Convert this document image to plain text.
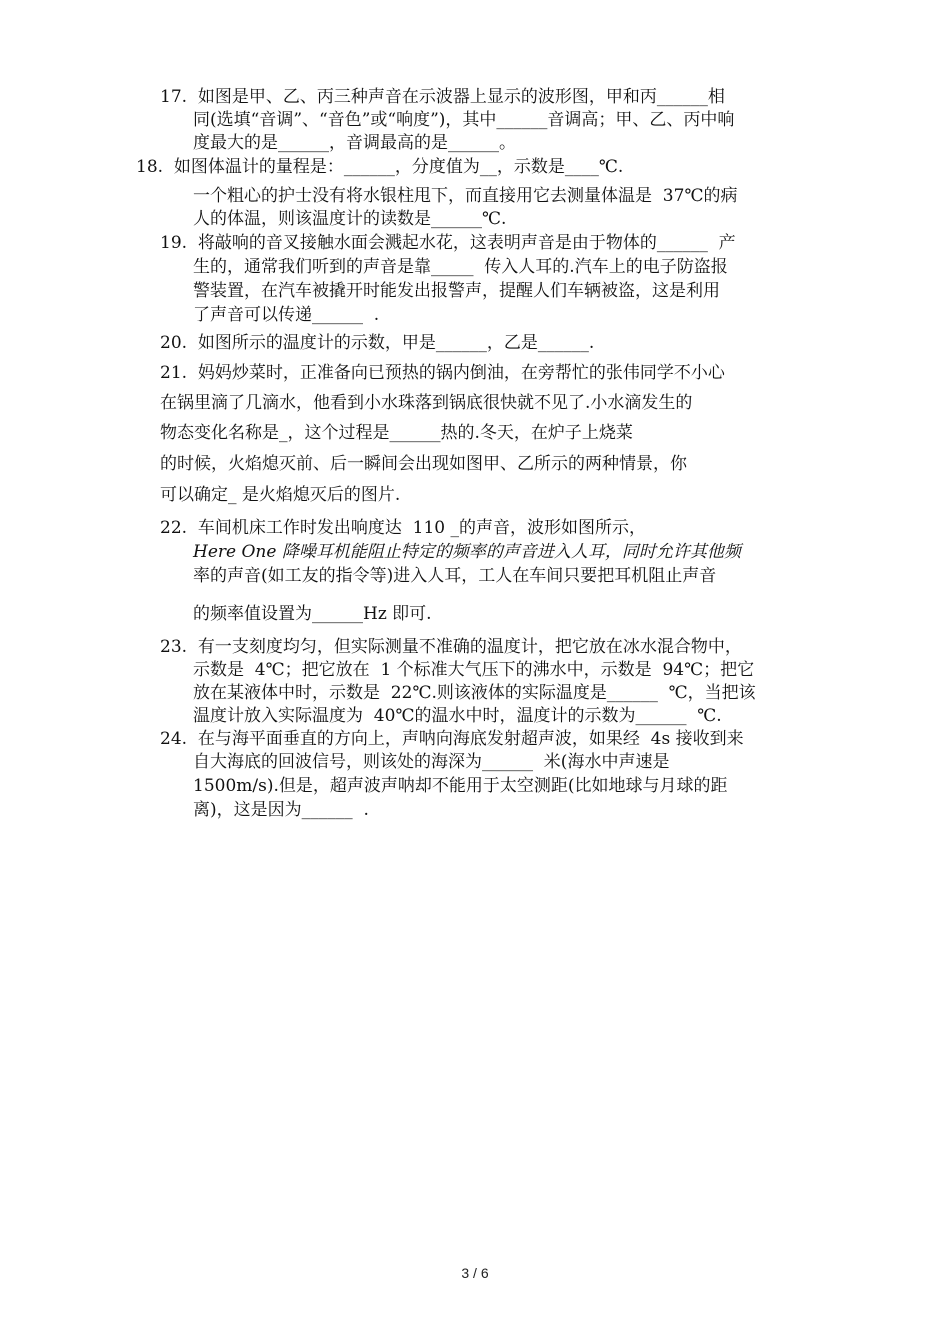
17.  如图是甲、乙、丙三种声音在示波器上显示的波形图，甲和丙______相

同(选填“音调”、“音色”或“响度”)，其中______音调高；甲、乙、丙中响

度最大的是______，音调最高的是______。

18.  如图体温计的量程是：______，分度值为__，示数是____℃.

一个粗心的护士没有将水银柱甩下，而直接用它去测量体温是  37℃的病

人的体温，则该温度计的读数是______℃.

19.  将敲响的音叉接触水面会溅起水花，这表明声音是由于物体的______  产

生的，通常我们听到的声音是靠_____  传入人耳的.汽车上的电子防盗报

警装置，在汽车被撬开时能发出报警声，提醒人们车辆被盗，这是利用

了声音可以传递______  .

20.  如图所示的温度计的示数，甲是______，乙是______.

21.  妈妈炒菜时，正准备向已预热的锅内倒油，在旁帮忙的张伟同学不小心

在锅里滴了几滴水，他看到小水珠落到锅底很快就不见了.小水滴发生的

物态变化名称是_，这个过程是______热的.冬天，在炉子上烧菜

的时候，火焰熄灭前、后一瞬间会出现如图甲、乙所示的两种情景，你

可以确定_ 是火焰熄灭后的图片.

22.  车间机床工作时发出响度达  110 _的声音，波形如图所示，

Here One 降噪耳机能阻止特定的频率的声音进入人耳，同时允许其他频

率的声音(如工友的指令等)进入人耳，工人在车间只要把耳机阻止声音

的频率值设置为______Hz 即可.

23.  有一支刻度均匀，但实际测量不准确的温度计，把它放在冰水混合物中，

示数是  4℃；把它放在  1 个标准大气压下的沸水中，示数是  94℃；把它

放在某液体中时，示数是  22℃.则该液体的实际温度是______  ℃，当把该

温度计放入实际温度为  40℃的温水中时，温度计的示数为______  ℃.

24.  在与海平面垂直的方向上，声呐向海底发射超声波，如果经  4s 接收到来

自大海底的回波信号，则该处的海深为______  米(海水中声速是

1500m/s).但是，超声波声呐却不能用于太空测距(比如地球与月球的距

离)，这是因为______  .

3 / 6
